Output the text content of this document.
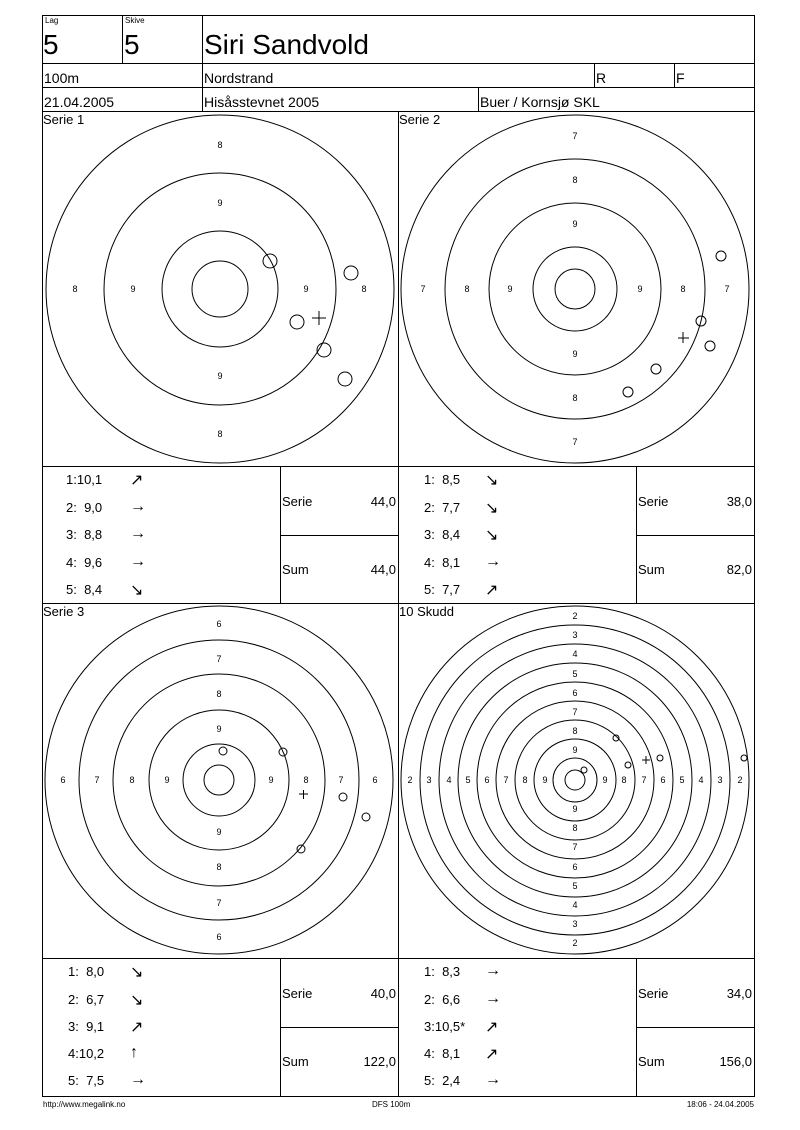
Lag
5
Skive
5 Siri Sandvold
100m	Nordstrand	R	F
21.04.2005	Hisåsstevnet 2005	Buer / Kornsjø SKL
Serie 1	Serie 2
Serie 3	10 Skudd
8
9
9
8
8	9	9	8
7
8
9
9
8
7
7	8	9	9	8	7
6
7
8
9
9
8
7
6
6	7	8	9	9	8	7	6
2
3
4
5
6
7
8
9
9
8
7
6
5
4
3
2
2 3 4 5 6 7 8 9	9 8 7 6 5 4 3 2
1:10,1 ↗
2: 9,0 →
3: 8,8 →
4: 9,6 →
5: 8,4 ↘
Serie	44,0
Sum	44,0
1: 8,5 ↘
2: 7,7 ↘
3: 8,4 ↘
4: 8,1 →
5: 7,7 ↗
Serie	38,0
Sum	82,0
1: 8,0 ↘
2: 6,7 ↘
3: 9,1 ↗
4:10,2 ↑
5: 7,5 →
Serie	40,0
Sum	122,0
1: 8,3 →
2: 6,6 →
3:10,5* ↗
4: 8,1 ↗
5: 2,4 →
Serie	34,0
Sum	156,0
http://www.megalink.no	DFS 100m	18:06 - 24.04.2005
